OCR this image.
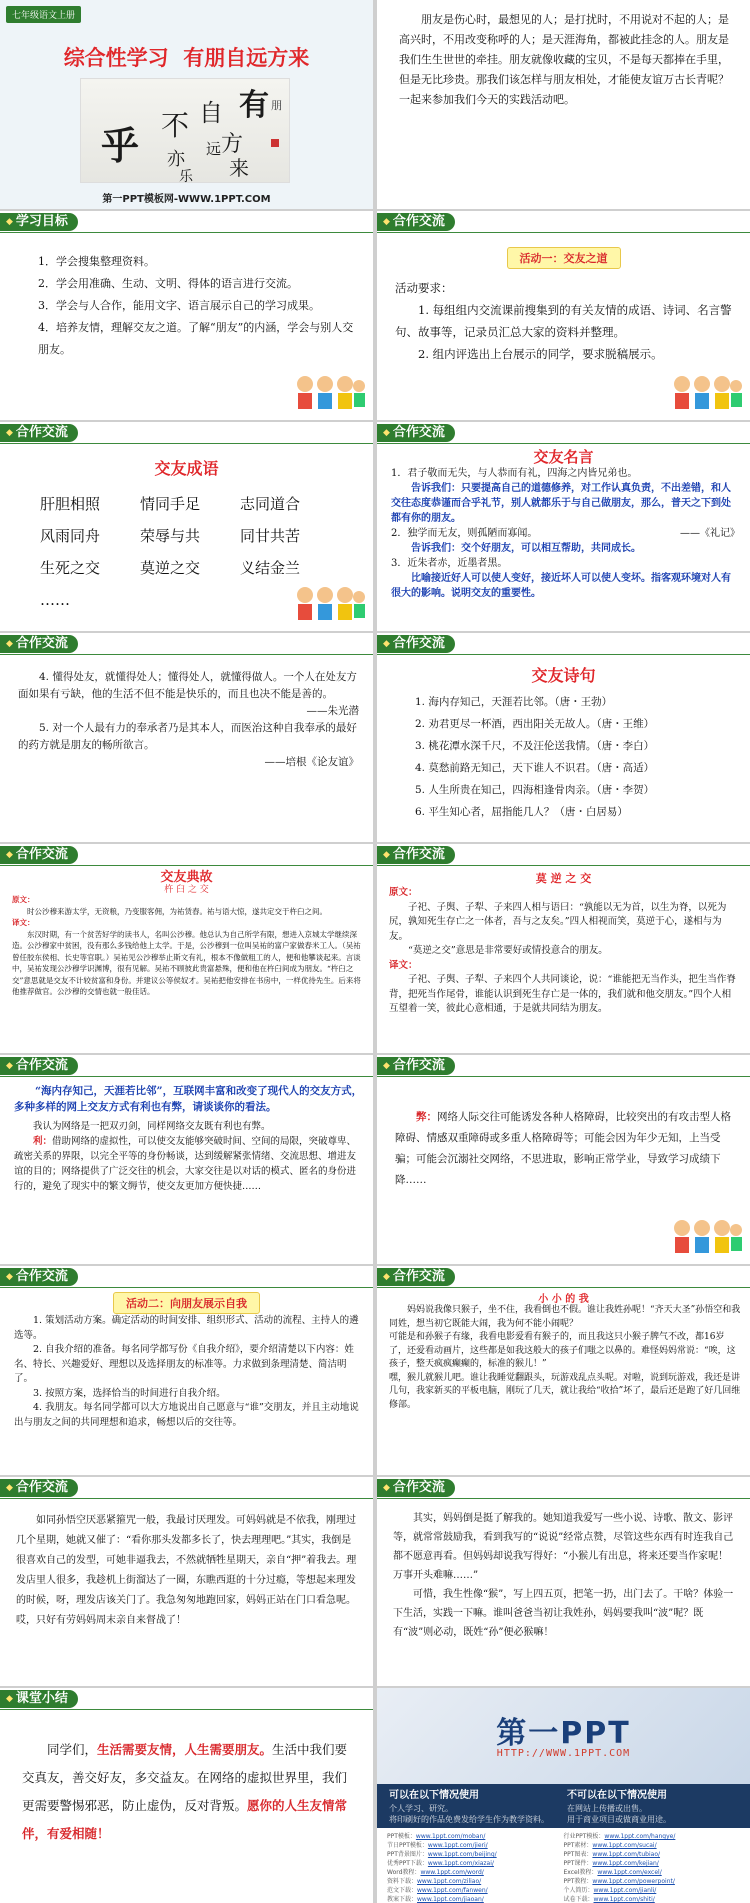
七年级语文上册
综合性学习  有朋自远方来
有 朋
自
远 方
来
不
亦
乐
乎
第一PPT模板网-WWW.1PPT.COM
朋友是伤心时，最想见的人；是打扰时，不用说对不起的人；是高兴时，不用改变称呼的人；是天涯海角，都被此挂念的人。朋友是我们生生世世的牵挂。朋友就像收藏的宝贝，不是每天都捧在手里，但是无比珍贵。那我们该怎样与朋友相处，才能使友谊万古长青呢？一起来参加我们今天的实践活动吧。
◆ 学习目标
1．学会搜集整理资料。
2．学会用准确、生动、文明、得体的语言进行交流。
3．学会与人合作，能用文字、语言展示自己的学习成果。
4．培养友情，理解交友之道。了解“朋友”的内涵，学会与别人交朋友。
◆ 合作交流
活动一：交友之道
活动要求：
1. 每组组内交流课前搜集到的有关友情的成语、诗词、名言警句、故事等，记录员汇总大家的资料并整理。
2. 组内评选出上台展示的同学，要求脱稿展示。
◆ 合作交流
交友成语
肝胆相照	情同手足	志同道合
风雨同舟	荣辱与共	同甘共苦
生死之交	莫逆之交	义结金兰
……
◆ 合作交流
交友名言
1．君子敬而无失，与人恭而有礼，四海之内皆兄弟也。
告诉我们：只要提高自己的道德修养，对工作认真负责，不出差错，和人交往态度恭谨而合乎礼节，别人就都乐于与自己做朋友，那么，普天之下到处都有你的朋友。
2．独学而无友，则孤陋而寡闻。	——《礼记》
告诉我们：交个好朋友，可以相互帮助，共同成长。
3．近朱者赤，近墨者黑。
比喻接近好人可以使人变好，接近坏人可以使人变坏。指客观环境对人有很大的影响。说明交友的重要性。
◆ 合作交流
4. 懂得处友，就懂得处人；懂得处人，就懂得做人。一个人在处友方面如果有亏缺，他的生活不但不能是快乐的，而且也决不能是善的。
——朱光潜
5. 对一个人最有力的奉承者乃是其本人，而医治这种自我奉承的最好的药方就是朋友的畅所欲言。
——培根《论友谊》
◆ 合作交流
交友诗句
1. 海内存知己，天涯若比邻。（唐・王勃）
2. 劝君更尽一杯酒，西出阳关无故人。（唐・王维）
3. 桃花潭水深千尺，不及汪伦送我情。（唐・李白）
4. 莫愁前路无知己，天下谁人不识君。（唐・高适）
5. 人生所贵在知己，四海相逢骨肉亲。（唐・李贺）
6. 平生知心者，屈指能几人？（唐・白居易）
◆ 合作交流
交友典故
杵 臼 之 交
原文：
时公沙穆来游太学，无资粮，乃变服客佣，为祐赁舂。祐与语大惊，遂共定交于杵臼之间。
译文：
东汉时期，有一个贫苦好学的读书人，名叫公沙穆。他总认为自己所学有限，想进入京城太学继续深造。公沙穆家中贫困，没有那么多钱给他上太学。于是，公沙穆到一位叫吴祐的富户家做春米工人。（吴祐曾任胶东侯相、长史等官职。）吴祐见公沙穆举止斯文有礼，根本不像做粗工的人，便和他攀谈起来。言谈中，吴祐发现公沙穆学识渊博，很有见解。吴祐不顾彼此贵富悬殊，便和他在杵臼间成为朋友。“杵臼之交”意思就是交友不计较贫富和身份。并建议公等侯奴才。吴祐把他安排在书房中，一样优待先生。后来将他推荐做官。公沙穆的交情也就一般佳话。
◆ 合作交流
莫 逆 之 交
原文：
子祀、子舆、子犁、子来四人相与语曰：“孰能以无为首，以生为脊，以死为尻，孰知死生存亡之一体者，吾与之友矣。”四人相视而笑，莫逆于心，遂相与为友。
“莫逆之交”意思是非常要好或情投意合的朋友。
译文：
子祀、子舆、子犁、子来四个人共同谈论，说：“谁能把无当作头，把生当作脊背，把死当作尾骨，谁能认识到死生存亡是一体的，我们就和他交朋友。”四个人相互望着一笑，彼此心意相通，于是就共同结为朋友。
◆ 合作交流
“海内存知己，天涯若比邻”，互联网丰富和改变了现代人的交友方式，多种多样的网上交友方式有利也有弊，请谈谈你的看法。
我认为网络是一把双刃剑，同样网络交友既有利也有弊。
利：借助网络的虚拟性，可以使交友能够突破时间、空间的局限，突破尊卑、疏密关系的界限，以完全平等的身份畅谈，达到缓解紧张情绪、交流思想、增进友谊的目的；网络提供了广泛交往的机会，大家交往是以对话的模式、匿名的身份进行的，避免了现实中的繁文缛节，使交友更加方便快捷……
◆ 合作交流
弊：网络人际交往可能诱发各种人格障碍，比较突出的有攻击型人格障碍、情感双重障碍或多重人格障碍等；可能会因为年少无知，上当受骗；可能会沉溺社交网络，不思进取，影响正常学业，导致学习成绩下降……
◆ 合作交流
活动二：向朋友展示自我
1. 策划活动方案。确定活动的时间安排、组织形式、活动的流程、主持人的遴选等。
2. 自我介绍的准备。每名同学都写份《自我介绍》，要介绍清楚以下内容：姓名、特长、兴趣爱好、理想以及选择朋友的标准等。力求做到条理清楚、简洁明了。
3. 按照方案，选择恰当的时间进行自我介绍。
4. 我朋友。每名同学都可以大方地说出自己愿意与“谁”交朋友，并且主动地说出与朋友之间的共同理想和追求，畅想以后的交往等。
◆ 合作交流
小 小 的 我
妈妈说我像只猴子，坐不住，我看倒也不假。谁让我姓孙呢！“齐天大圣”孙悟空和我同姓，想当初它既能大闹，我为何不能小闹呢？
可能是和孙猴子有缘，我看电影爱看有猴子的，而且我这只小猴子脾气不改，都16岁了，还爱看动画片，这些都是如我这般大的孩子们嗤之以鼻的。难怪妈妈常说：“唉，这孩子，整天疯疯癫癫的，标准的猴儿！”
嘿，猴儿就猴儿吧。谁让我睡觉翻跟头，玩游戏乱点头呢。对啦，说到玩游戏，我还是讲几句，我家新买的平板电脑，刚玩了几天，就让我给“收拾”坏了，最后还是跑了好几回维修部。
◆ 合作交流
如同孙悟空厌恶紧箍咒一般，我最讨厌理发。可妈妈就是不依我，刚理过几个星期，她就又催了：“看你那头发都多长了，快去理理吧。”其实，我倒是很喜欢自己的发型，可她非逼我去，不然就牺牲星期天，亲自“押”着我去。理发店里人很多，我趁机上街溜达了一圈，东瞧西逛的十分过瘾，等想起来理发的时候，呀，理发店该关门了。我急匆匆地跑回家，妈妈正站在门口看急呢。哎，只好有劳妈妈周末亲自来督战了！
◆ 合作交流
其实，妈妈倒是挺了解我的。她知道我爱写一些小说、诗歌、散文、影评等，就常常鼓励我，看到我写的“说说”经常点赞，尽管这些东西有时连我自己都不愿意再看。但妈妈却说我写得好：“小猴儿有出息，将来还要当作家呢！万事开头难嘛……”
可惜，我生性像“猴”，写上四五页，把笔一扔，出门去了。干啥？体验一下生活，实践一下嘛。谁叫爸爸当初让我姓孙，妈妈要我叫“波”呢？既有“波”则必动，既姓“孙”便必猴嘛！
◆ 课堂小结
同学们，生活需要友情，人生需要朋友。生活中我们要交真友，善交好友，多交益友。在网络的虚拟世界里，我们更需要警惕邪恶，防止虚伪，反对背叛。愿你的人生友情常伴，有爱相随！
第一PPT
HTTP://WWW.1PPT.COM
可以在以下情况使用
个人学习、研究。
将印刷好的作品免费发给学生作为教学资料。
不可以在以下情况使用
在网站上传播或出售。
用于商业项目或做商业用途。
PPT模板：www.1ppt.com/moban/
节日PPT模板：www.1ppt.com/jieri/
PPT背景图片：www.1ppt.com/beijing/
优秀PPT下载：www.1ppt.com/xiazai/
Word教程：www.1ppt.com/word/
资料下载：www.1ppt.com/ziliao/
范文下载：www.1ppt.com/fanwen/
教案下载：www.1ppt.com/jiaoan/
行业PPT模板：www.1ppt.com/hangye/
PPT素材：www.1ppt.com/sucai/
PPT图表：www.1ppt.com/tubiao/
PPT课件：www.1ppt.com/kejian/
Excel教程：www.1ppt.com/excel/
PPT教程：www.1ppt.com/powerpoint/
个人简历：www.1ppt.com/jianli/
试卷下载：www.1ppt.com/shiti/
